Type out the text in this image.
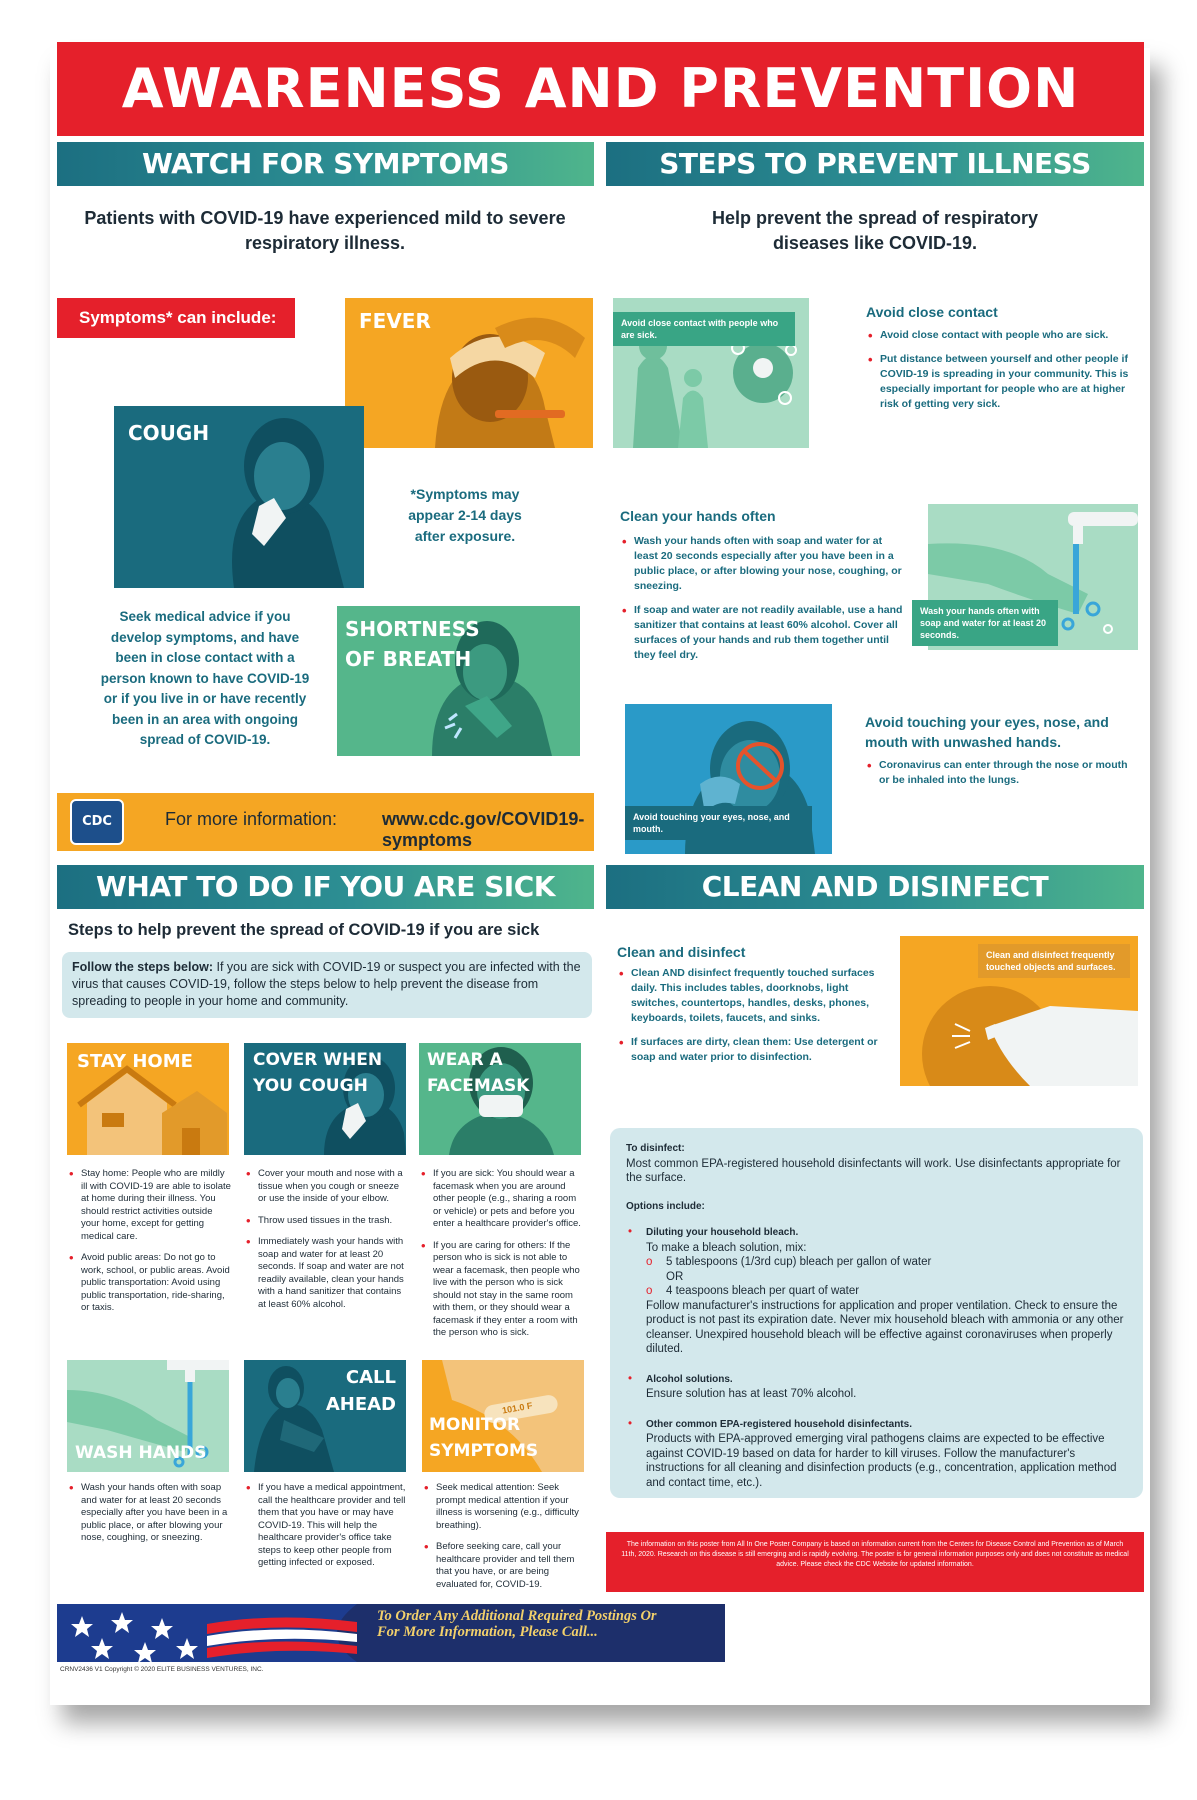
AWARENESS AND PREVENTION
WATCH FOR SYMPTOMS
Patients with COVID-19 have experienced mild to severe respiratory illness.
Symptoms* can include:	FEVER
COUGH
*Symptoms may appear 2-14 days after exposure.
Seek medical advice if you develop symptoms, and have been in close contact with a person known to have COVID-19 or if you live in or have recently been in an area with ongoing spread of COVID-19.
SHORTNESS
OF BREATH
CDC	For more information: www.cdc.gov/COVID19-symptoms
STEPS TO PREVENT ILLNESS
Help prevent the spread of respiratory diseases like COVID-19.
Avoid close contact with people who are sick.
Avoid close contact
• Avoid close contact with people who are sick.
• Put distance between yourself and other people if COVID-19 is spreading in your community. This is especially important for people who are at higher risk of getting very sick.
Clean your hands often
• Wash your hands often with soap and water for at least 20 seconds especially after you have been in a public place, or after blowing your nose, coughing, or sneezing.
• If soap and water are not readily available, use a hand sanitizer that contains at least 60% alcohol. Cover all surfaces of your hands and rub them together until they feel dry.
Wash your hands often with soap and water for at least 20 seconds.
Avoid touching your eyes, nose, and mouth.
Avoid touching your eyes, nose, and mouth with unwashed hands.
• Coronavirus can enter through the nose or mouth or be inhaled into the lungs.
WHAT TO DO IF YOU ARE SICK
Steps to help prevent the spread of COVID-19 if you are sick
Follow the steps below: If you are sick with COVID-19 or suspect you are infected with the virus that causes COVID-19, follow the steps below to help prevent the disease from spreading to people in your home and community.
STAY HOME	COVER WHEN
YOU COUGH
WEAR A
FACEMASK
• Stay home: People who are mildly ill with COVID-19 are able to isolate at home during their illness. You should restrict activities outside your home, except for getting medical care.
• Avoid public areas: Do not go to work, school, or public areas. Avoid public transportation: Avoid using public transportation, ride-sharing, or taxis.
• Cover your mouth and nose with a tissue when you cough or sneeze or use the inside of your elbow.
• Throw used tissues in the trash.
• Immediately wash your hands with soap and water for at least 20 seconds. If soap and water are not readily available, clean your hands with a hand sanitizer that contains at least 60% alcohol.
• If you are sick: You should wear a facemask when you are around other people (e.g., sharing a room or vehicle) or pets and before you enter a healthcare provider's office.
• If you are caring for others: If the person who is sick is not able to wear a facemask, then people who live with the person who is sick should not stay in the same room with them, or they should wear a facemask if they enter a room with the person who is sick.
WASH HANDS
CALL
AHEAD	101.0 F
MONITOR
SYMPTOMS
• Wash your hands often with soap and water for at least 20 seconds especially after you have been in a public place, or after blowing your nose, coughing, or sneezing.
• If you have a medical appointment, call the healthcare provider and tell them that you have or may have COVID-19. This will help the healthcare provider's office take steps to keep other people from getting infected or exposed.
• Seek medical attention: Seek prompt medical attention if your illness is worsening (e.g., difficulty breathing).
• Before seeking care, call your healthcare provider and tell them that you have, or are being evaluated for, COVID-19.
CLEAN AND DISINFECT
Clean and disinfect
• Clean AND disinfect frequently touched surfaces daily. This includes tables, doorknobs, light switches, countertops, handles, desks, phones, keyboards, toilets, faucets, and sinks.
• If surfaces are dirty, clean them: Use detergent or soap and water prior to disinfection.
Clean and disinfect frequently touched objects and surfaces.
To disinfect:
Most common EPA-registered household disinfectants will work. Use disinfectants appropriate for the surface.
Options include:
• Diluting your household bleach.
To make a bleach solution, mix:
o 5 tablespoons (1/3rd cup) bleach per gallon of water
OR
o 4 teaspoons bleach per quart of water
Follow manufacturer's instructions for application and proper ventilation. Check to ensure the product is not past its expiration date. Never mix household bleach with ammonia or any other cleanser. Unexpired household bleach will be effective against coronaviruses when properly diluted.
• Alcohol solutions.
Ensure solution has at least 70% alcohol.
• Other common EPA-registered household disinfectants.
Products with EPA-approved emerging viral pathogens claims are expected to be effective against COVID-19 based on data for harder to kill viruses. Follow the manufacturer's instructions for all cleaning and disinfection products (e.g., concentration, application method and contact time, etc.).
The information on this poster from All In One Poster Company is based on information current from the Centers for Disease Control and Prevention as of March 11th, 2020. Research on this disease is still emerging and is rapidly evolving. The poster is for general information purposes only and does not constitute as medical advice. Please check the CDC Website for updated information.
To Order Any Additional Required Postings Or For More Information, Please Call...
CRNV2436 V1 Copyright © 2020 ELITE BUSINESS VENTURES, INC.
